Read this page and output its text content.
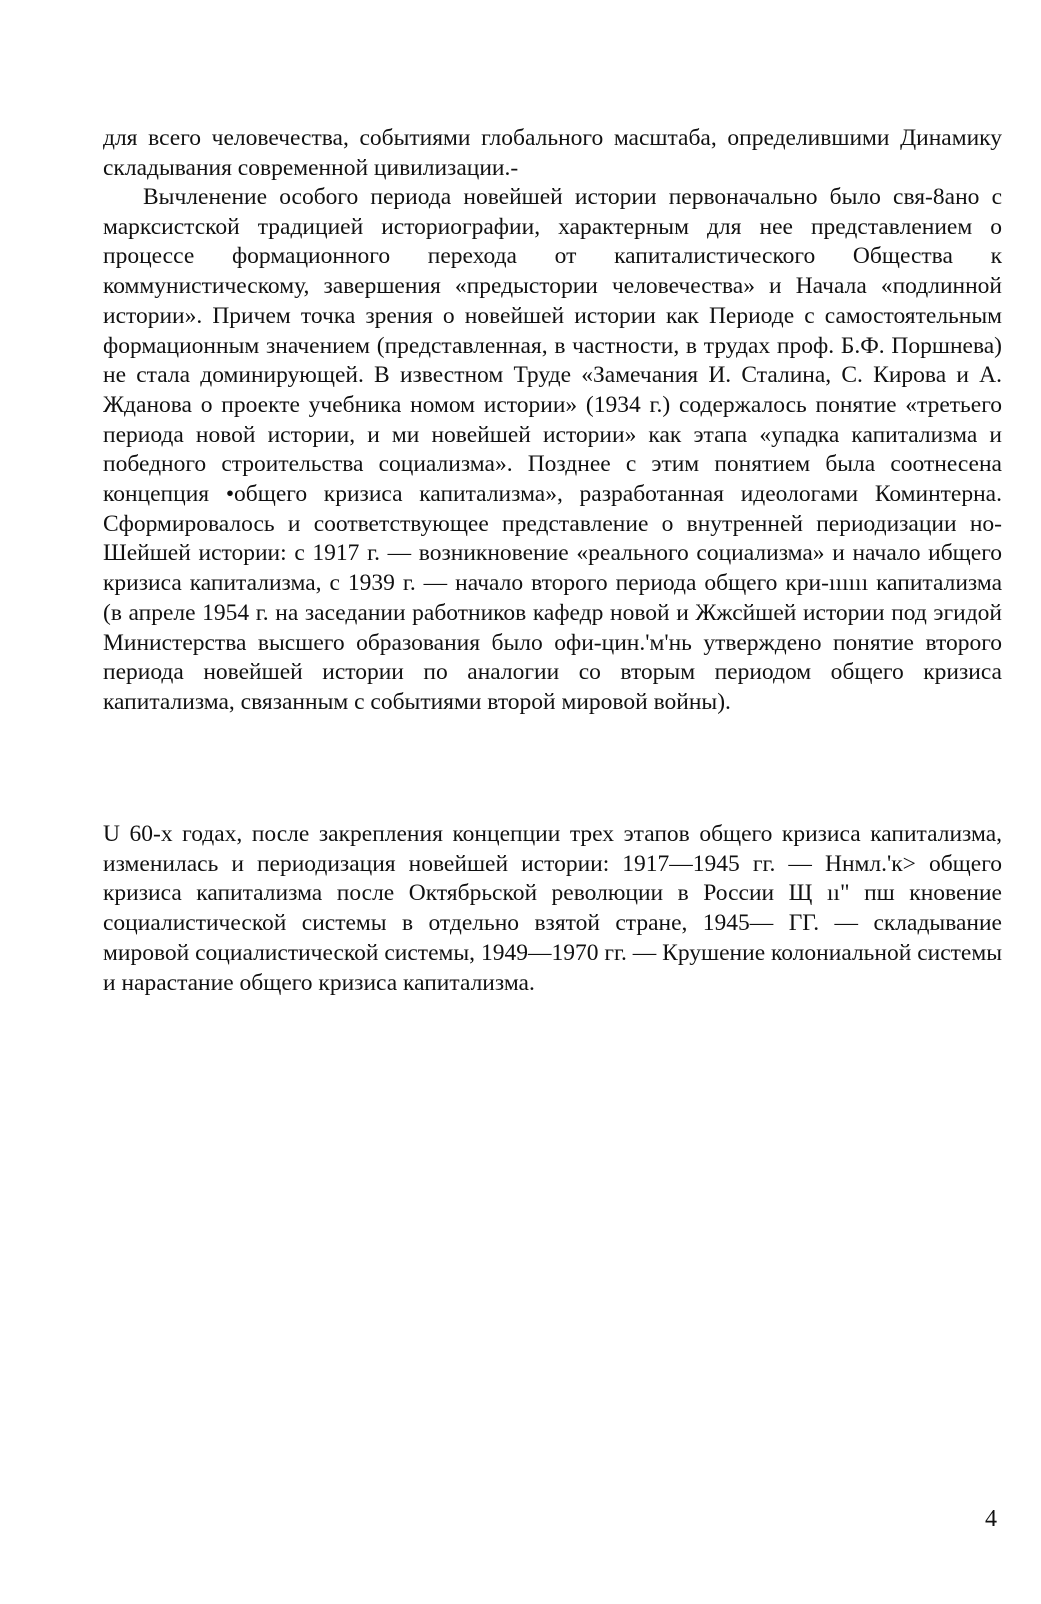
для всего человечества, событиями глобального масштаба, определившими Динамику складывания современной цивилизации.-

Вычленение особого периода новейшей истории первоначально было свя-8ано с марксистской традицией историографии, характерным для нее представлением о процессе формационного перехода от капиталистического Общества к коммунистическому, завершения «предыстории человечества» и Начала «подлинной истории». Причем точка зрения о новейшей истории как Периоде с самостоятельным формационным значением (представленная, в частности, в трудах проф. Б.Ф. Поршнева) не стала доминирующей. В известном Труде «Замечания И. Сталина, С. Кирова и А. Жданова о проекте учебника номом истории» (1934 г.) содержалось понятие «третьего периода новой истории, и ми новейшей истории» как этапа «упадка капитализма и победного строительства социализма». Позднее с этим понятием была соотнесена концепция •общего кризиса капитализма», разработанная идеологами Коминтерна. Сформировалось и соответствующее представление о внутренней периодизации но-Шейшей истории: с 1917 г. — возникновение «реального социализма» и начало ибщего кризиса капитализма, с 1939 г. — начало второго периода общего кри-ıııııı капитализма (в апреле 1954 г. на заседании работников кафедр новой и Жжсйшей истории под эгидой Министерства высшего образования было офи-цин.'м'нь утверждено понятие второго периода новейшей истории по аналогии со вторым периодом общего кризиса капитализма, связанным с событиями второй мировой войны).

U 60-х годах, после закрепления концепции трех этапов общего кризиса капитализма, изменилась и периодизация новейшей истории: 1917—1945 гг. — Ннмл.'к> общего кризиса капитализма после Октябрьской революции в России Щ ıı" пш кновение социалистической системы в отдельно взятой стране, 1945— ГГ. — складывание мировой социалистической системы, 1949—1970 гг. — Крушение колониальной системы и нарастание общего кризиса капитализма.

4
